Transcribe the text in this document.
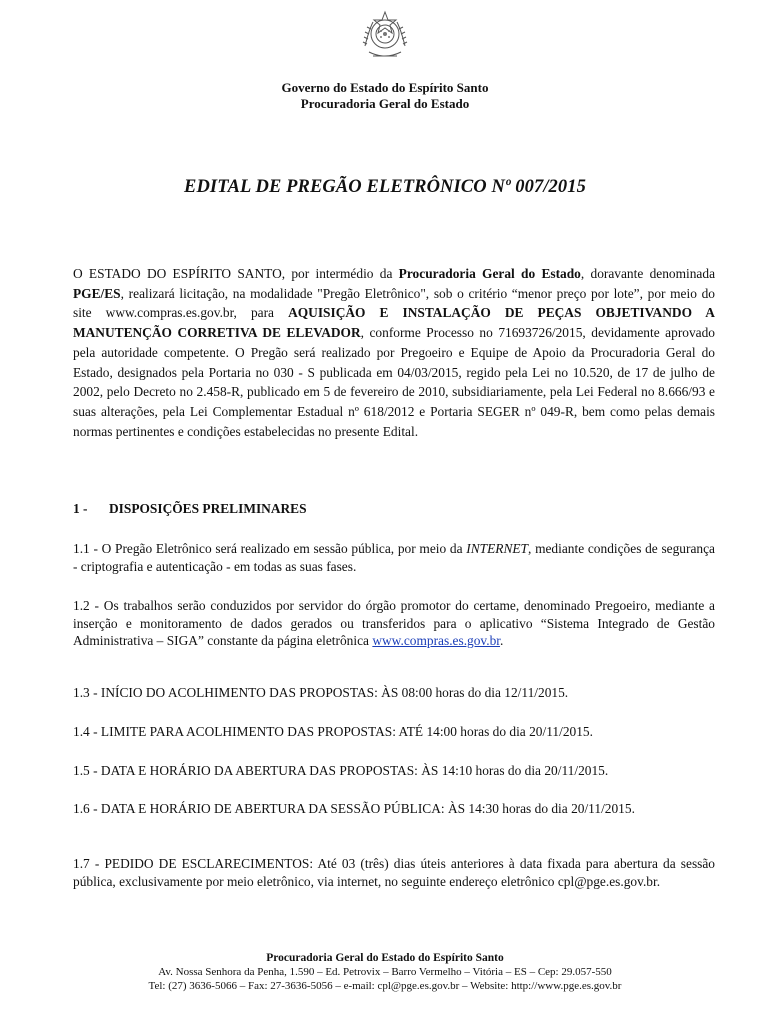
Governo do Estado do Espírito Santo
Procuradoria Geral do Estado
EDITAL DE PREGÃO ELETRÔNICO Nº 007/2015
O ESTADO DO ESPÍRITO SANTO, por intermédio da Procuradoria Geral do Estado, doravante denominada PGE/ES, realizará licitação, na modalidade "Pregão Eletrônico", sob o critério “menor preço por lote”, por meio do site www.compras.es.gov.br, para AQUISIÇÃO E INSTALAÇÃO DE PEÇAS OBJETIVANDO A MANUTENÇÃO CORRETIVA DE ELEVADOR, conforme Processo no 71693726/2015, devidamente aprovado pela autoridade competente. O Pregão será realizado por Pregoeiro e Equipe de Apoio da Procuradoria Geral do Estado, designados pela Portaria no 030 - S publicada em 04/03/2015, regido pela Lei no 10.520, de 17 de julho de 2002, pelo Decreto no 2.458-R, publicado em 5 de fevereiro de 2010, subsidiariamente, pela Lei Federal no 8.666/93 e suas alterações, pela Lei Complementar Estadual nº 618/2012 e Portaria SEGER nº 049-R, bem como pelas demais normas pertinentes e condições estabelecidas no presente Edital.
1 - DISPOSIÇÕES PRELIMINARES
1.1 - O Pregão Eletrônico será realizado em sessão pública, por meio da INTERNET, mediante condições de segurança - criptografia e autenticação - em todas as suas fases.
1.2 - Os trabalhos serão conduzidos por servidor do órgão promotor do certame, denominado Pregoeiro, mediante a inserção e monitoramento de dados gerados ou transferidos para o aplicativo “Sistema Integrado de Gestão Administrativa – SIGA” constante da página eletrônica www.compras.es.gov.br.
1.3 - INÍCIO DO ACOLHIMENTO DAS PROPOSTAS: ÀS 08:00 horas do dia 12/11/2015.
1.4 - LIMITE PARA ACOLHIMENTO DAS PROPOSTAS: ATÉ 14:00 horas do dia 20/11/2015.
1.5 - DATA E HORÁRIO DA ABERTURA DAS PROPOSTAS: ÀS 14:10 horas do dia 20/11/2015.
1.6 - DATA E HORÁRIO DE ABERTURA DA SESSÃO PÚBLICA: ÀS 14:30 horas do dia 20/11/2015.
1.7 - PEDIDO DE ESCLARECIMENTOS: Até 03 (três) dias úteis anteriores à data fixada para abertura da sessão pública, exclusivamente por meio eletrônico, via internet, no seguinte endereço eletrônico cpl@pge.es.gov.br.
Procuradoria Geral do Estado do Espírito Santo
Av. Nossa Senhora da Penha, 1.590 – Ed. Petrovix – Barro Vermelho – Vitória – ES – Cep: 29.057-550
Tel: (27) 3636-5066 – Fax: 27-3636-5056 – e-mail: cpl@pge.es.gov.br – Website: http://www.pge.es.gov.br
